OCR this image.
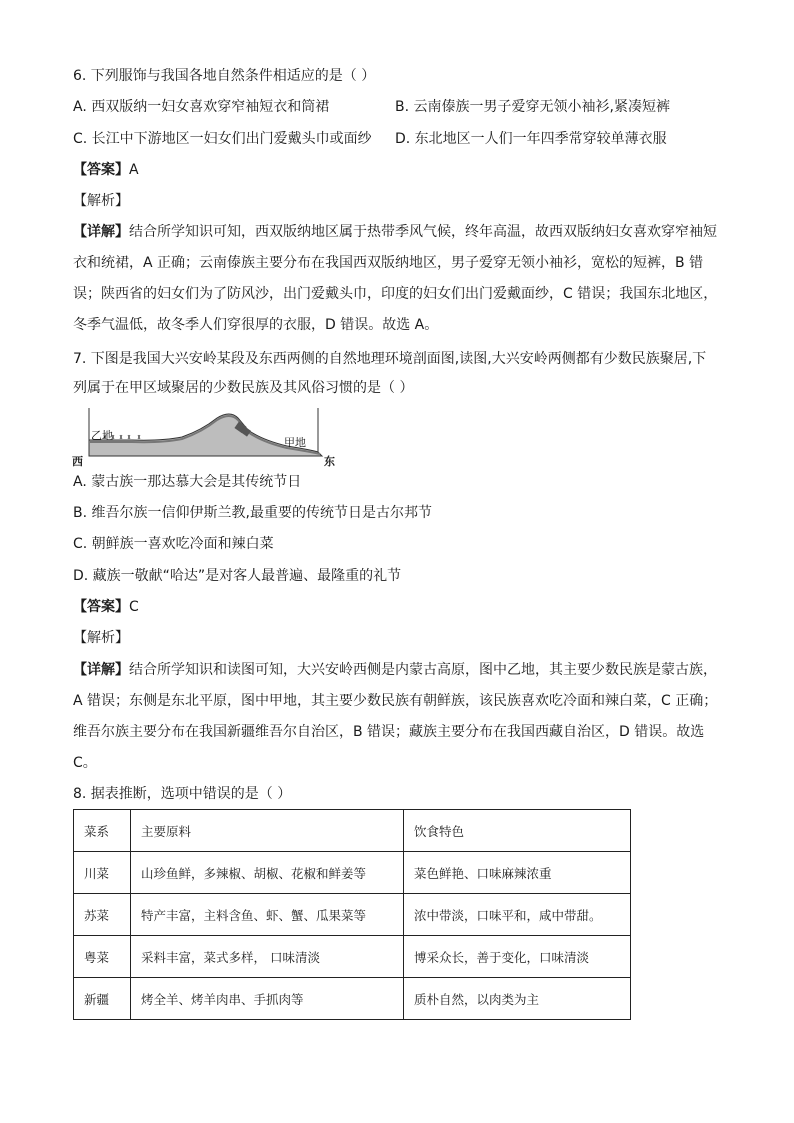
6. 下列服饰与我国各地自然条件相适应的是（ ）
A. 西双版纳一妇女喜欢穿窄袖短衣和筒裙	B. 云南傣族一男子爱穿无领小袖衫,紧凑短裤
C. 长江中下游地区一妇女们出门爱戴头巾或面纱 D. 东北地区一人们一年四季常穿较单薄衣服
【答案】A
【解析】
【详解】结合所学知识可知，西双版纳地区属于热带季风气候，终年高温，故西双版纳妇女喜欢穿窄袖短衣和统裙，A 正确；云南傣族主要分布在我国西双版纳地区，男子爱穿无领小袖衫，宽松的短裤，B 错误；陕西省的妇女们为了防风沙，出门爱戴头巾，印度的妇女们出门爱戴面纱，C 错误；我国东北地区，冬季气温低，故冬季人们穿很厚的衣服，D 错误。故选 A。
7. 下图是我国大兴安岭某段及东西两侧的自然地理环境剖面图,读图,大兴安岭两侧都有少数民族聚居,下
列属于在甲区域聚居的少数民族及其风俗习惯的是（ ）
乙地
甲地
西	东
A. 蒙古族一那达慕大会是其传统节日
B. 维吾尔族一信仰伊斯兰教,最重要的传统节日是古尔邦节
C. 朝鲜族一喜欢吃冷面和辣白菜
D. 藏族一敬献“哈达”是对客人最普遍、最隆重的礼节
【答案】C
【解析】
【详解】结合所学知识和读图可知，大兴安岭西侧是内蒙古高原，图中乙地，其主要少数民族是蒙古族，A 错误；东侧是东北平原，图中甲地，其主要少数民族有朝鲜族，该民族喜欢吃冷面和辣白菜，C 正确；维吾尔族主要分布在我国新疆维吾尔自治区，B 错误；藏族主要分布在我国西藏自治区，D 错误。故选 C。
8. 据表推断，选项中错误的是（ ）
菜系	主要原料	饮食特色
川菜	山珍鱼鲜，多辣椒、胡椒、花椒和鲜姜等	菜色鲜艳、口味麻辣浓重
苏菜	特产丰富，主料含鱼、虾、蟹、瓜果菜等	浓中带淡，口味平和，咸中带甜。
粤菜	采料丰富，菜式多样， 口味清淡	博采众长，善于变化，口味清淡
新疆	烤全羊、烤羊肉串、手抓肉等	质朴自然，以肉类为主
